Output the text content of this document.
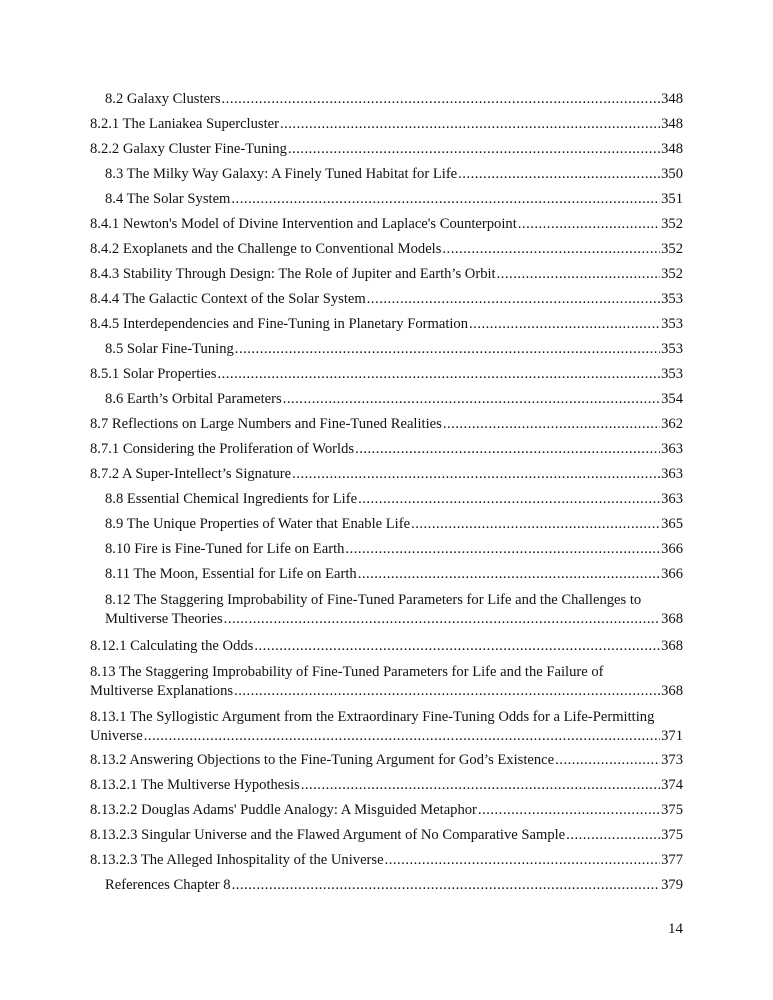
8.2 Galaxy Clusters .....	348
8.2.1 The Laniakea Supercluster .....	348
8.2.2 Galaxy Cluster Fine-Tuning .....	348
8.3 The Milky Way Galaxy: A Finely Tuned Habitat for Life .....	350
8.4 The Solar System .....	351
8.4.1 Newton's Model of Divine Intervention and Laplace's Counterpoint .....	352
8.4.2 Exoplanets and the Challenge to Conventional Models .....	352
8.4.3 Stability Through Design: The Role of Jupiter and Earth’s Orbit .....	352
8.4.4 The Galactic Context of the Solar System .....	353
8.4.5 Interdependencies and Fine-Tuning in Planetary Formation .....	353
8.5 Solar Fine-Tuning .....	353
8.5.1 Solar Properties .....	353
8.6 Earth’s Orbital Parameters .....	354
8.7 Reflections on Large Numbers and Fine-Tuned Realities .....	362
8.7.1 Considering the Proliferation of Worlds .....	363
8.7.2 A Super-Intellect’s Signature .....	363
8.8 Essential Chemical Ingredients for Life .....	363
8.9 The Unique Properties of Water that Enable Life .....	365
8.10 Fire is Fine-Tuned for Life on Earth .....	366
8.11 The Moon, Essential for Life on Earth .....	366
8.12 The Staggering Improbability of Fine-Tuned Parameters for Life and the Challenges to
Multiverse Theories .....	368
8.12.1 Calculating the Odds .....	368
8.13 The Staggering Improbability of Fine-Tuned Parameters for Life and the Failure of
Multiverse Explanations .....	368
8.13.1 The Syllogistic Argument from the Extraordinary Fine-Tuning Odds for a Life-Permitting
Universe .....	371
8.13.2 Answering Objections to the Fine-Tuning Argument for God’s Existence .....	373
8.13.2.1 The Multiverse Hypothesis .....	374
8.13.2.2 Douglas Adams' Puddle Analogy: A Misguided Metaphor .....	375
8.13.2.3 Singular Universe and the Flawed Argument of No Comparative Sample .....	375
8.13.2.3 The Alleged Inhospitality of the Universe .....	377
References Chapter 8 .....	379
14
